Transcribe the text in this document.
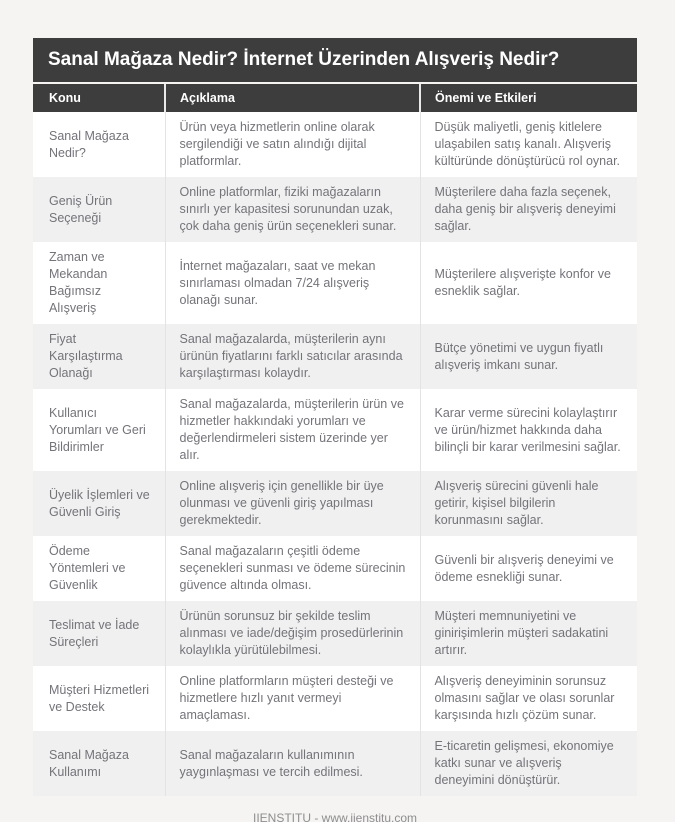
Sanal Mağaza Nedir? İnternet Üzerinden Alışveriş Nedir?
Konu	Açıklama	Önemi ve Etkileri
Sanal Mağaza Nedir?	Ürün veya hizmetlerin online olarak sergilendiği ve satın alındığı dijital platformlar.	Düşük maliyetli, geniş kitlelere ulaşabilen satış kanalı. Alışveriş kültüründe dönüştürücü rol oynar.
Geniş Ürün Seçeneği	Online platformlar, fiziki mağazaların sınırlı yer kapasitesi sorunundan uzak, çok daha geniş ürün seçenekleri sunar.	Müşterilere daha fazla seçenek, daha geniş bir alışveriş deneyimi sağlar.
Zaman ve Mekandan Bağımsız Alışveriş	İnternet mağazaları, saat ve mekan sınırlaması olmadan 7/24 alışveriş olanağı sunar.	Müşterilere alışverişte konfor ve esneklik sağlar.
Fiyat Karşılaştırma Olanağı	Sanal mağazalarda, müşterilerin aynı ürünün fiyatlarını farklı satıcılar arasında karşılaştırması kolaydır.	Bütçe yönetimi ve uygun fiyatlı alışveriş imkanı sunar.
Kullanıcı Yorumları ve Geri Bildirimler	Sanal mağazalarda, müşterilerin ürün ve hizmetler hakkındaki yorumları ve değerlendirmeleri sistem üzerinde yer alır.	Karar verme sürecini kolaylaştırır ve ürün/hizmet hakkında daha bilinçli bir karar verilmesini sağlar.
Üyelik İşlemleri ve Güvenli Giriş	Online alışveriş için genellikle bir üye olunması ve güvenli giriş yapılması gerekmektedir.	Alışveriş sürecini güvenli hale getirir, kişisel bilgilerin korunmasını sağlar.
Ödeme Yöntemleri ve Güvenlik	Sanal mağazaların çeşitli ödeme seçenekleri sunması ve ödeme sürecinin güvence altında olması.	Güvenli bir alışveriş deneyimi ve ödeme esnekliği sunar.
Teslimat ve İade Süreçleri	Ürünün sorunsuz bir şekilde teslim alınması ve iade/değişim prosedürlerinin kolaylıkla yürütülebilmesi.	Müşteri memnuniyetini ve ginirişimlerin müşteri sadakatini artırır.
Müşteri Hizmetleri ve Destek	Online platformların müşteri desteği ve hizmetlere hızlı yanıt vermeyi amaçlaması.	Alışveriş deneyiminin sorunsuz olmasını sağlar ve olası sorunlar karşısında hızlı çözüm sunar.
Sanal Mağaza Kullanımı	Sanal mağazaların kullanımının yaygınlaşması ve tercih edilmesi.	E-ticaretin gelişmesi, ekonomiye katkı sunar ve alışveriş deneyimini dönüştürür.
IIENSTITU - www.iienstitu.com
